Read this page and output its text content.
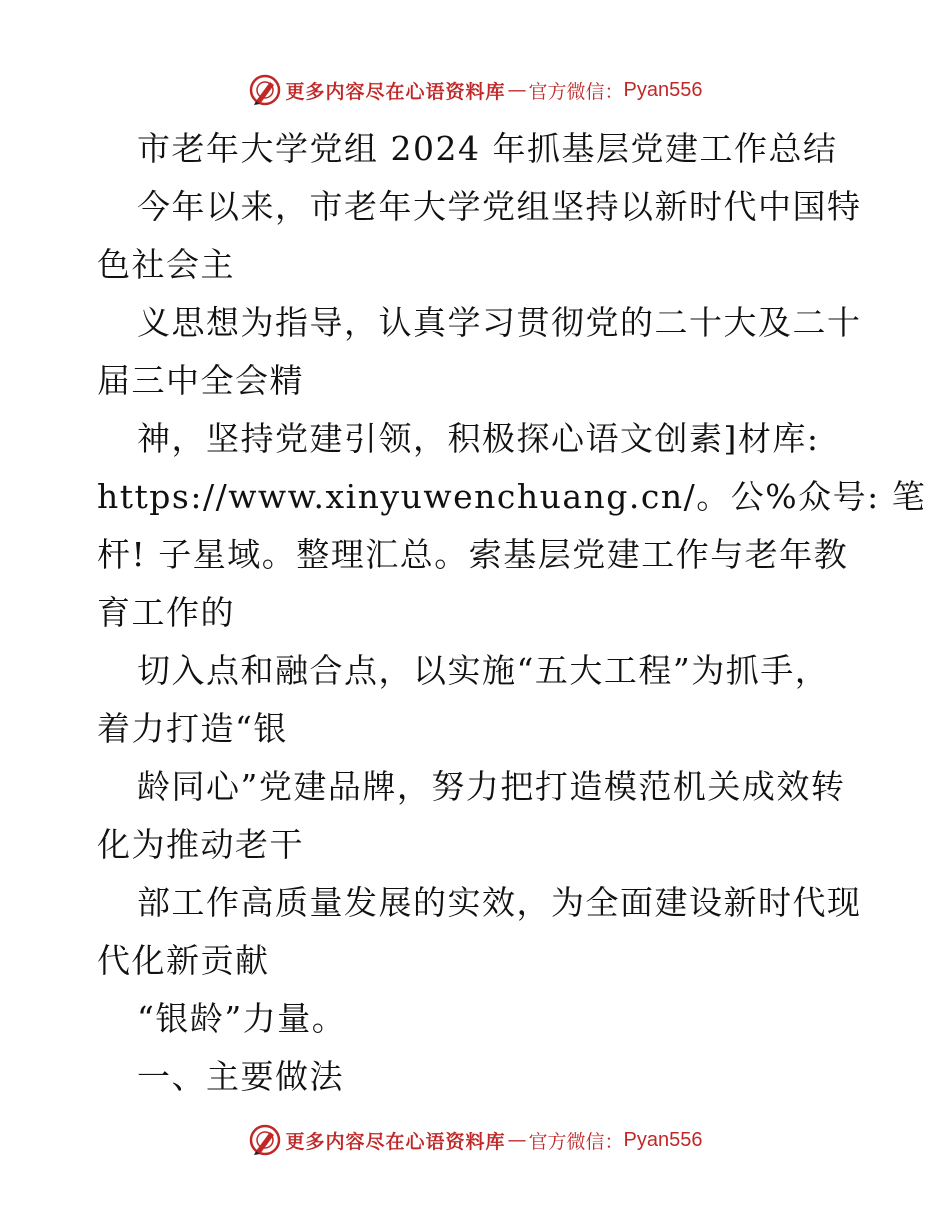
更多内容尽在心语资料库 — 官方微信： Pyan556
市老年大学党组 2024 年抓基层党建工作总结
今年以来，市老年大学党组坚持以新时代中国特
色社会主
义思想为指导，认真学习贯彻党的二十大及二十
届三中全会精
神，坚持党建引领，积极探心语文创素]材库:
https://www.xinyuwenchuang.cn/。公%众号: 笔
杆! 子星域。整理汇总。索基层党建工作与老年教
育工作的
切入点和融合点，以实施“五大工程”为抓手，
着力打造“银
龄同心”党建品牌，努力把打造模范机关成效转
化为推动老干
部工作高质量发展的实效，为全面建设新时代现
代化新贡献
“银龄”力量。
一、主要做法
更多内容尽在心语资料库 — 官方微信： Pyan556
